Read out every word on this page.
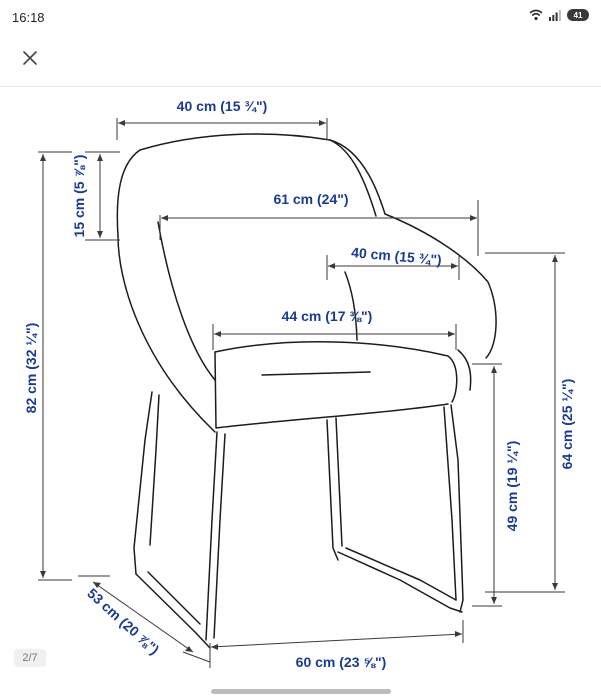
16:18	41
40 cm (15 ¾")
15 cm (5 ⅞")	61 cm (24")
40 cm (15 ¾")
44 cm (17 ⅜")
82 cm (32 ¼")
64 cm (25 ¼")
49 cm (19 ¼")
53 cm (20 ⅞")
60 cm (23 ⅝")
2/7
